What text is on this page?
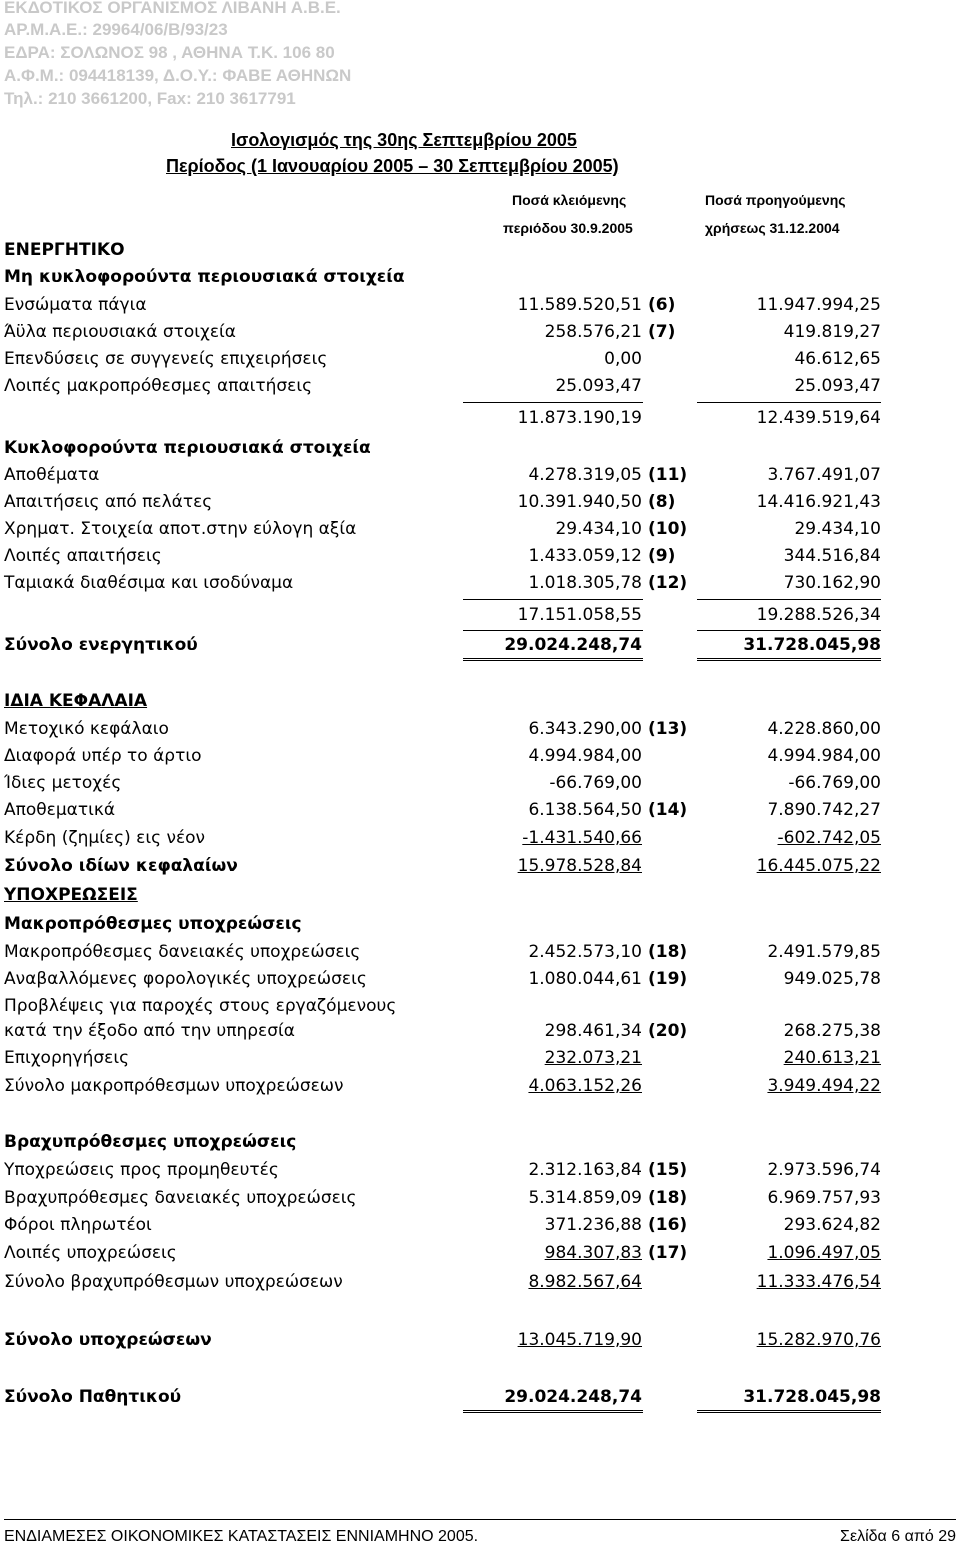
ΕΚΔΟΤΙΚΟΣ ΟΡΓΑΝΙΣΜΟΣ ΛΙΒΑΝΗ Α.Β.Ε.
ΑΡ.Μ.Α.Ε.: 29964/06/Β/93/23
ΕΔΡΑ: ΣΟΛΩΝΟΣ 98 , ΑΘΗΝΑ Τ.Κ. 106 80
Α.Φ.Μ.: 094418139, Δ.Ο.Υ.: ΦΑΒΕ ΑΘΗΝΩΝ
Τηλ.: 210 3661200, Fax: 210 3617791
Ισολογισμός της 30ης Σεπτεμβρίου 2005
Περίοδος (1 Ιανουαρίου 2005 – 30 Σεπτεμβρίου 2005)
Ποσά κλειόμενης
περιόδου 30.9.2005
Ποσά προηγούμενης
χρήσεως 31.12.2004
ΕΝΕΡΓΗΤΙΚΟ
Μη κυκλοφορούντα περιουσιακά στοιχεία
Ενσώματα πάγια	11.589.520,51 (6)	11.947.994,25
Άϋλα περιουσιακά στοιχεία	258.576,21 (7)	419.819,27
Επενδύσεις σε συγγενείς επιχειρήσεις	0,00	46.612,65
Λοιπές μακροπρόθεσμες απαιτήσεις	25.093,47	25.093,47
11.873.190,19	12.439.519,64
Κυκλοφορούντα περιουσιακά στοιχεία
Αποθέματα	4.278.319,05 (11)	3.767.491,07
Απαιτήσεις από πελάτες	10.391.940,50 (8)	14.416.921,43
Χρηματ. Στοιχεία αποτ.στην εύλογη αξία	29.434,10 (10)	29.434,10
Λοιπές απαιτήσεις	1.433.059,12 (9)	344.516,84
Ταμιακά διαθέσιμα και ισοδύναμα	1.018.305,78 (12)	730.162,90
17.151.058,55	19.288.526,34
Σύνολο ενεργητικού	29.024.248,74	31.728.045,98
ΙΔΙΑ ΚΕΦΑΛΑΙΑ
Μετοχικό κεφάλαιο	6.343.290,00 (13)	4.228.860,00
Διαφορά υπέρ το άρτιο	4.994.984,00	4.994.984,00
Ίδιες μετοχές	-66.769,00	-66.769,00
Αποθεματικά	6.138.564,50 (14)	7.890.742,27
Κέρδη (ζημίες) εις νέον	-1.431.540,66	-602.742,05
Σύνολο ιδίων κεφαλαίων	15.978.528,84	16.445.075,22
ΥΠΟΧΡΕΩΣΕΙΣ
Μακροπρόθεσμες υποχρεώσεις
Μακροπρόθεσμες δανειακές υποχρεώσεις	2.452.573,10 (18)	2.491.579,85
Αναβαλλόμενες φορολογικές υποχρεώσεις	1.080.044,61 (19)	949.025,78
Προβλέψεις για παροχές στους εργαζόμενους
κατά την έξοδο από την υπηρεσία	298.461,34 (20)	268.275,38
Επιχορηγήσεις	232.073,21	240.613,21
Σύνολο μακροπρόθεσμων υποχρεώσεων	4.063.152,26	3.949.494,22
Βραχυπρόθεσμες υποχρεώσεις
Υποχρεώσεις προς προμηθευτές	2.312.163,84 (15)	2.973.596,74
Βραχυπρόθεσμες δανειακές υποχρεώσεις	5.314.859,09 (18)	6.969.757,93
Φόροι πληρωτέοι	371.236,88 (16)	293.624,82
Λοιπές υποχρεώσεις	984.307,83 (17)	1.096.497,05
Σύνολο βραχυπρόθεσμων υποχρεώσεων	8.982.567,64	11.333.476,54
Σύνολο υποχρεώσεων	13.045.719,90	15.282.970,76
Σύνολο Παθητικού	29.024.248,74	31.728.045,98
ΕΝΔΙΑΜΕΣΕΣ ΟΙΚΟΝΟΜΙΚΕΣ ΚΑΤΑΣΤΑΣΕΙΣ ΕΝΝΙΑΜΗΝΟ 2005.	Σελίδα 6 από 29
